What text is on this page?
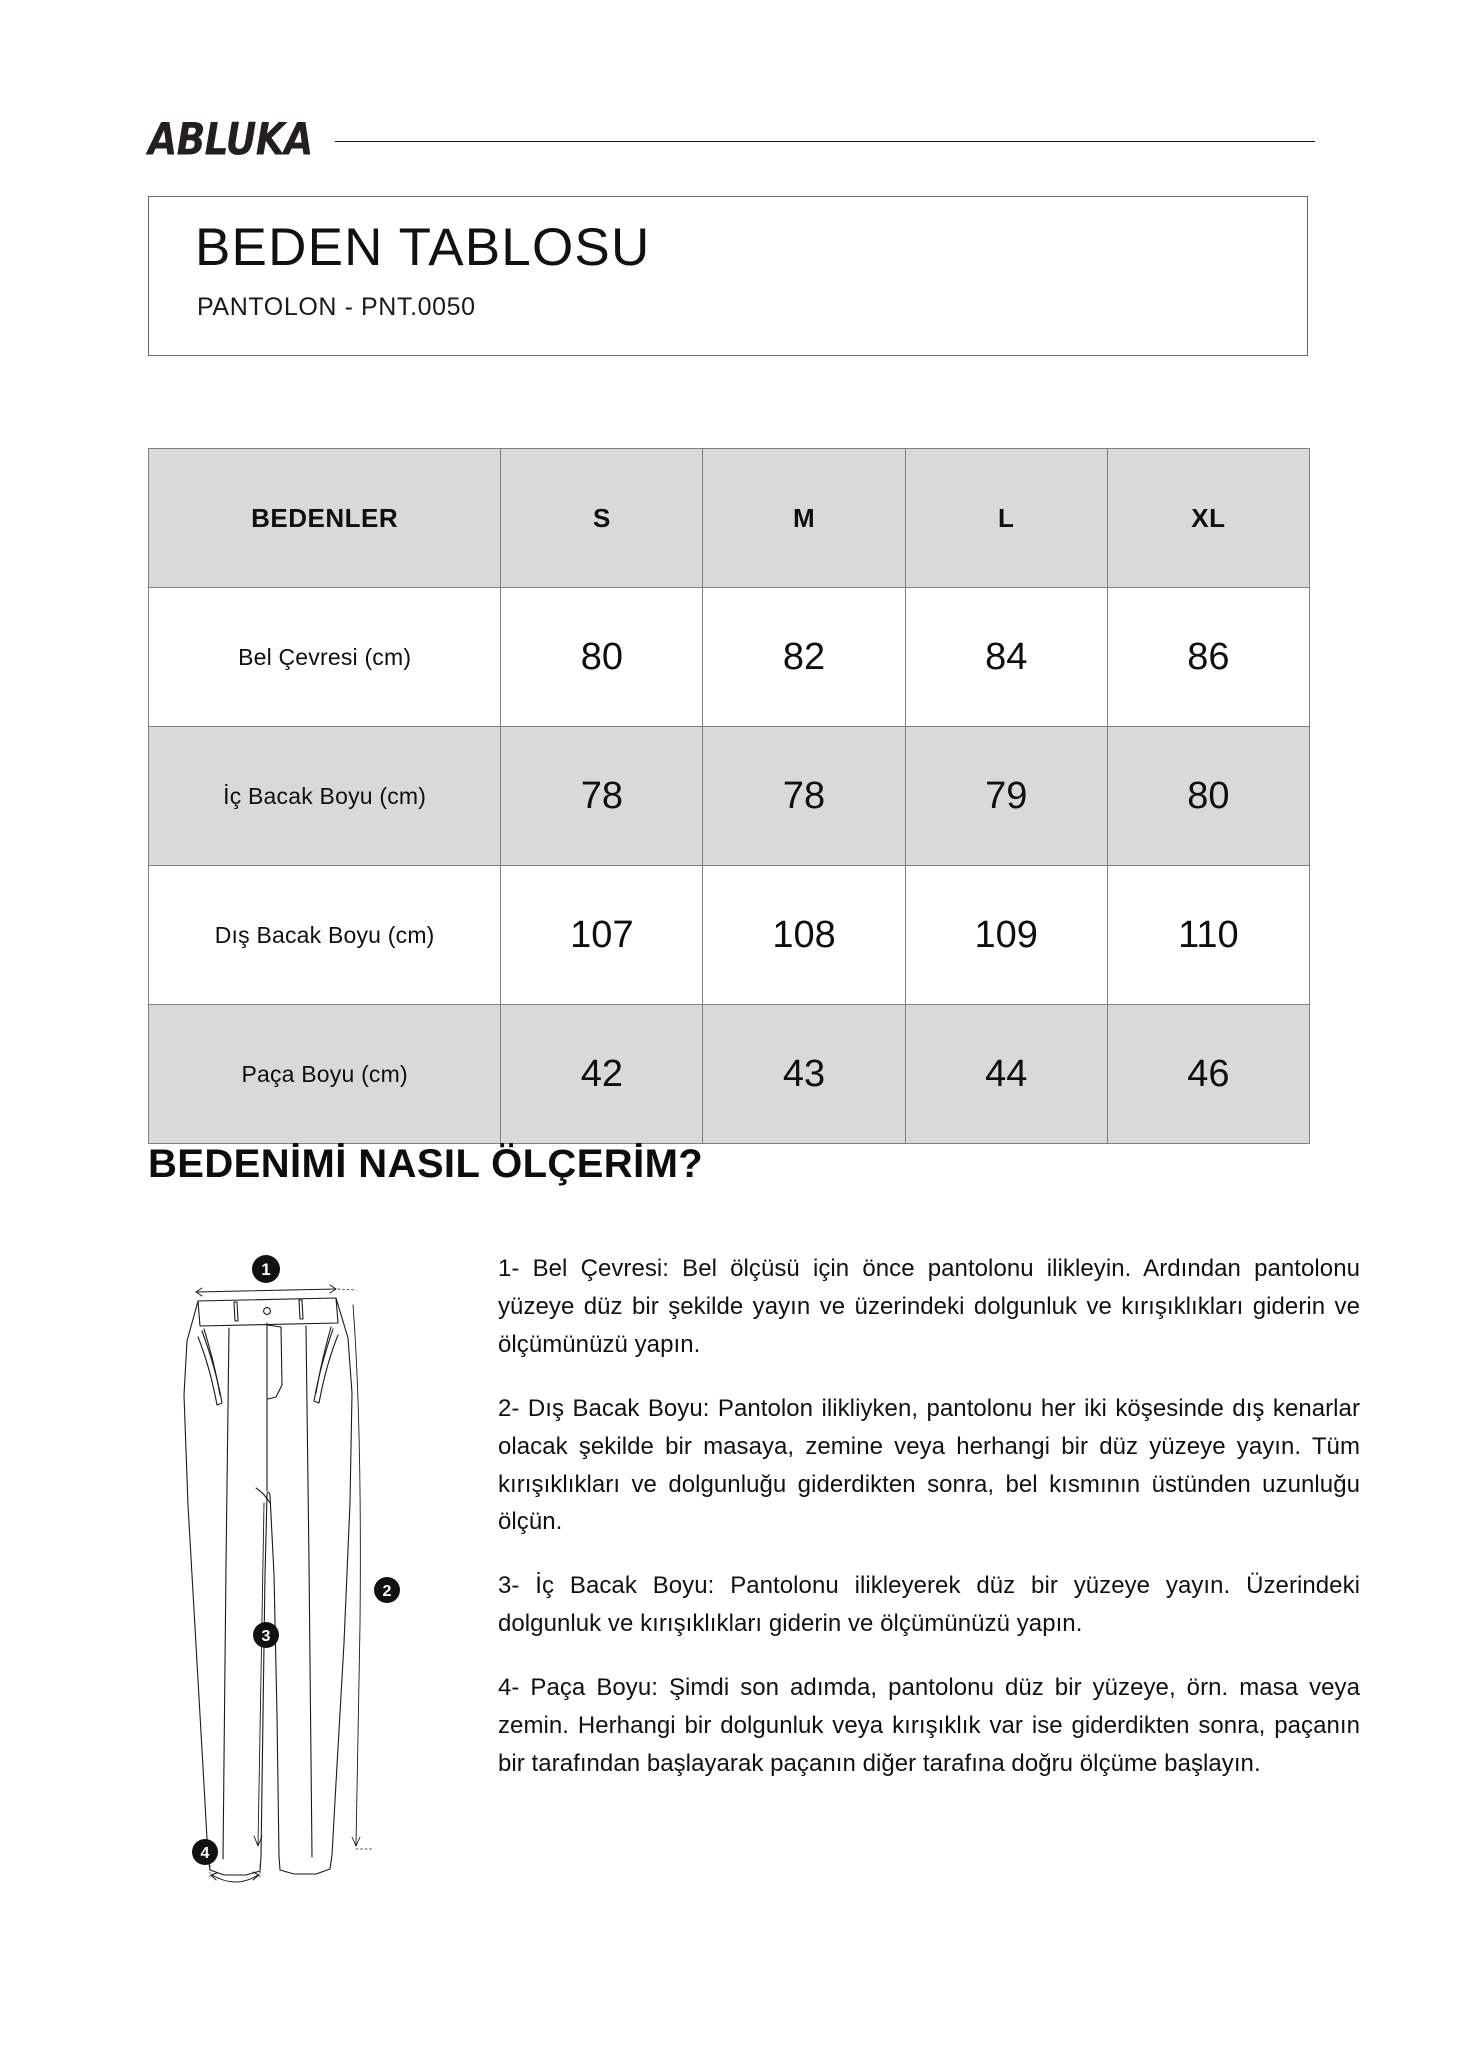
ABLUKA
BEDEN TABLOSU
PANTOLON - PNT.0050
BEDENLER	S	M	L	XL
Bel Çevresi (cm)	80	82	84	86
İç Bacak Boyu (cm)	78	78	79	80
Dış Bacak Boyu (cm)	107	108	109	110
Paça Boyu (cm)	42	43	44	46
BEDENİMİ NASIL ÖLÇERİM?
1
2
3
4

1- Bel Çevresi: Bel ölçüsü için önce pantolonu ilikleyin. Ardından pantolonu yüzeye düz bir şekilde yayın ve üzerindeki dolgunluk ve kırışıklıkları giderin ve ölçümünüzü yapın.

2- Dış Bacak Boyu: Pantolon ilikliyken, pantolonu her iki köşesinde dış kenarlar olacak şekilde bir masaya, zemine veya herhangi bir düz yüzeye yayın. Tüm kırışıklıkları ve dolgunluğu giderdikten sonra, bel kısmının üstünden uzunluğu ölçün.

3- İç Bacak Boyu: Pantolonu ilikleyerek düz bir yüzeye yayın. Üzerindeki dolgunluk ve kırışıklıkları giderin ve ölçümünüzü yapın.

4- Paça Boyu: Şimdi son adımda, pantolonu düz bir yüzeye, örn. masa veya zemin. Herhangi bir dolgunluk veya kırışıklık var ise giderdikten sonra, paçanın bir tarafından başlayarak paçanın diğer tarafına doğru ölçüme başlayın.
